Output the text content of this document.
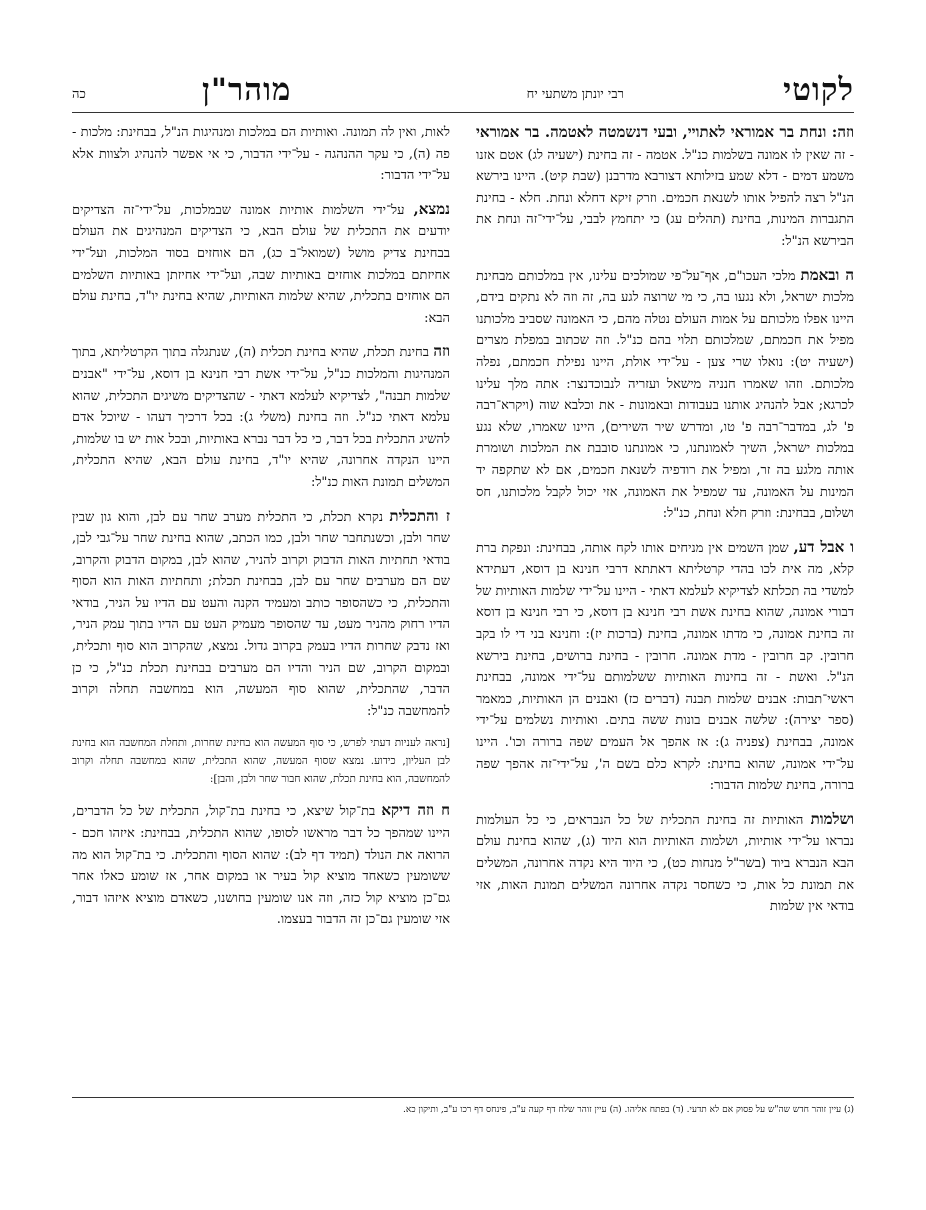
לקוטי
רבי יונתן משתעי יח
מוהר"ן
כה

וזה: ונחת בר אמוראי לאתויי, ובעי דנשמטה לאטמה. בר אמוראי - זה שאין לו אמונה בשלמות כנ"ל. אטמה - זה בחינת (ישעיה לג) אטם אזנו משמע דמים - דלא שמע בזילותא דצורבא מדרבנן (שבת קיט). היינו בירשא הנ"ל רצה להפיל אותו לשנאת חכמים. וזרק זיקא דחלא ונחת. חלא - בחינת התגברות המינות, בחינת (תהלים עג) כי יתחמץ לבבי, על־ידי־זה ונחת את הבירשא הנ"ל:

ה ובאמת מלכי העכו"ם, אף־על־פי שמולכים עלינו, אין במלכותם מבחינת מלכות ישראל, ולא נגעו בה, כי מי שרוצה לגע בה, זה וזה לא נתקים בידם, היינו אפלו מלכותם על אמות העולם נטלה מהם, כי האמונה שסביב מלכותנו מפיל את חכמתם, שמלכותם תלוי בהם כנ"ל. וזה שכתוב במפלת מצרים (ישעיה יט): נואלו שרי צען - על־ידי אולת, היינו נפילת חכמתם, נפלה מלכותם. וזהו שאמרו חנניה מישאל ועזריה לנבוכדנצר: אתה מלך עלינו לכרגא; אבל להנהיג אותנו בעבודות ובאמונות - את וכלבא שוה (ויקרא־רבה פ' לג, במדבר־רבה פ' טו, ומדרש שיר השירים), היינו שאמרו, שלא נגע במלכות ישראל, השיך לאמונתנו, כי אמונתנו סובבת את המלכות ושומרת אותה מלגע בה זר, ומפיל את רודפיה לשנאת חכמים, אם לא שתקפה יד המינות על האמונה, עד שמפיל את האמונה, אזי יכול לקבל מלכותנו, חס ושלום, בבחינת: וזרק חלא ונחת, כנ"ל:

ו אבל דע, שמן השמים אין מניחים אותו לקח אותה, בבחינת: ונפקת ברת קלא, מה אית לכו בהדי קרטליתא דאתתא דרבי חנינא בן דוסא, דעתידא למשדי בה תכלתא לצדיקיא לעלמא דאתי - היינו על־ידי שלמות האותיות של דבורי אמונה, שהוא בחינת אשת רבי חנינא בן דוסא, כי רבי חנינא בן דוסא זה בחינת אמונה, כי מדתו אמונה, בחינת (ברכות יז): וחנינא בני די לו בקב חרובין. קב חרובין - מדת אמונה. חרובין - בחינת ברושים, בחינת בירשא הנ"ל. ואשת - זה בחינות האותיות ששלמותם על־ידי אמונה, בבחינת ראשי־תבות: אבנים שלמות תבנה (דברים כז) ואבנים הן האותיות, כמאמר (ספר יצירה): שלשה אבנים בונות ששה בתים. ואותיות נשלמים על־ידי אמונה, בבחינת (צפניה ג): אז אהפך אל העמים שפה ברורה וכו'. היינו על־ידי אמונה, שהוא בחינת: לקרא כלם בשם ה', על־ידי־זה אהפך שפה ברורה, בחינת שלמות הדבור:

ושלמות האותיות זה בחינת התכלית של כל הנבראים, כי כל העולמות נבראו על־ידי אותיות, ושלמות האותיות הוא היוד (ג), שהוא בחינת עולם הבא הנברא ביוד (בשר"ל מנחות כט), כי היוד היא נקדה אחרונה, המשלים את תמונת כל אות, כי כשחסר נקדה אחרונה המשלים תמונת האות, אזי בודאי אין שלמות

לאות, ואין לה תמונה. ואותיות הם במלכות ומנהיגות הנ"ל, בבחינת: מלכות - פה (ה), כי עקר ההנהגה - על־ידי הדבור, כי אי אפשר להנהיג ולצוות אלא על־ידי הדבור:

נמצא, על־ידי השלמות אותיות אמונה שבמלכות, על־ידי־זה הצדיקים יודעים את התכלית של עולם הבא, כי הצדיקים המנהיגים את העולם בבחינת צדיק מושל (שמואל־ב כג), הם אוחזים בסוד המלכות, ועל־ידי אחיזתם במלכות אוחזים באותיות שבה, ועל־ידי אחיזתן באותיות השלמים הם אוחזים בתכלית, שהיא שלמות האותיות, שהיא בחינת יו"ד, בחינת עולם הבא:

וזה בחינת תכלת, שהיא בחינת תכלית (ה), שנתגלה בתוך הקרטליתא, בתוך המנהיגות והמלכות כנ"ל, על־ידי אשת רבי חנינא בן דוסא, על־ידי "אבנים שלמות תבנה", לצדיקיא לעלמא דאתי - שהצדיקים משיגים התכלית, שהוא עלמא דאתי כנ"ל. וזה בחינת (משלי ג): בכל דרכיך דעהו - שיוכל אדם להשיג התכלית בכל דבר, כי כל דבר נברא באותיות, ובכל אות יש בו שלמות, היינו הנקדה אחרונה, שהיא יו"ד, בחינת עולם הבא, שהיא התכלית, המשלים תמונת האות כנ"ל:

ז והתכלית נקרא תכלת, כי התכלית מערב שחר עם לבן, והוא גון שבין שחר ולבן, וכשנתחבר שחר ולבן, כמו הכתב, שהוא בחינת שחר על־גבי לבן, בודאי תחתיות האות הדבוק וקרוב להניר, שהוא לבן, במקום הדבוק והקרוב, שם הם מערבים שחר עם לבן, בבחינת תכלת; ותחתיות האות הוא הסוף והתכלית, כי כשהסופר כותב ומעמיד הקנה והעט עם הדיו על הניר, בודאי הדיו רחוק מהניר מעט, עד שהסופר מעמיק העט עם הדיו בתוך עמק הניר, ואז נדבק שחרות הדיו בעמק בקרוב גדול. נמצא, שהקרוב הוא סוף ותכלית, ובמקום הקרוב, שם הניר והדיו הם מערבים בבחינת תכלת כנ"ל, כי כן הדבר, שהתכלית, שהוא סוף המעשה, הוא במחשבה תחלה וקרוב להמחשבה כנ"ל:

[נראה לעניות דעתי לפרש, כי סוף המעשה הוא בחינת שחרות, ותחלת המחשבה הוא בחינת לבן העליון, כידוע. נמצא שסוף המעשה, שהוא התכלית, שהוא במחשבה תחלה וקרוב להמחשבה, הוא בחינת תכלת, שהוא חבור שחר ולבן, והבן]:

ח וזה דיקא בת־קול שיצא, כי בחינת בת־קול, התכלית של כל הדברים, היינו שמהפך כל דבר מראשו לסופו, שהוא התכלית, בבחינת: איזהו חכם - הרואה את הנולד (תמיד דף לב): שהוא הסוף והתכלית. כי בת־קול הוא מה ששומעין כשאחד מוציא קול בעיר או במקום אחר, אז שומע כאלו אחר גם־כן מוציא קול כזה, וזה אנו שומעין בחושנו, כשאדם מוציא איזהו דבור, אזי שומעין גם־כן זה הדבור בעצמו.

(ג) עיין זוהר חדש שה"ש על פסוק אם לא תדעי. (ד) בפתח אליהו. (ה) עיין זוהר שלח דף קעה ע"ב, פינחס דף רכו ע"ב, ותיקון כא.
